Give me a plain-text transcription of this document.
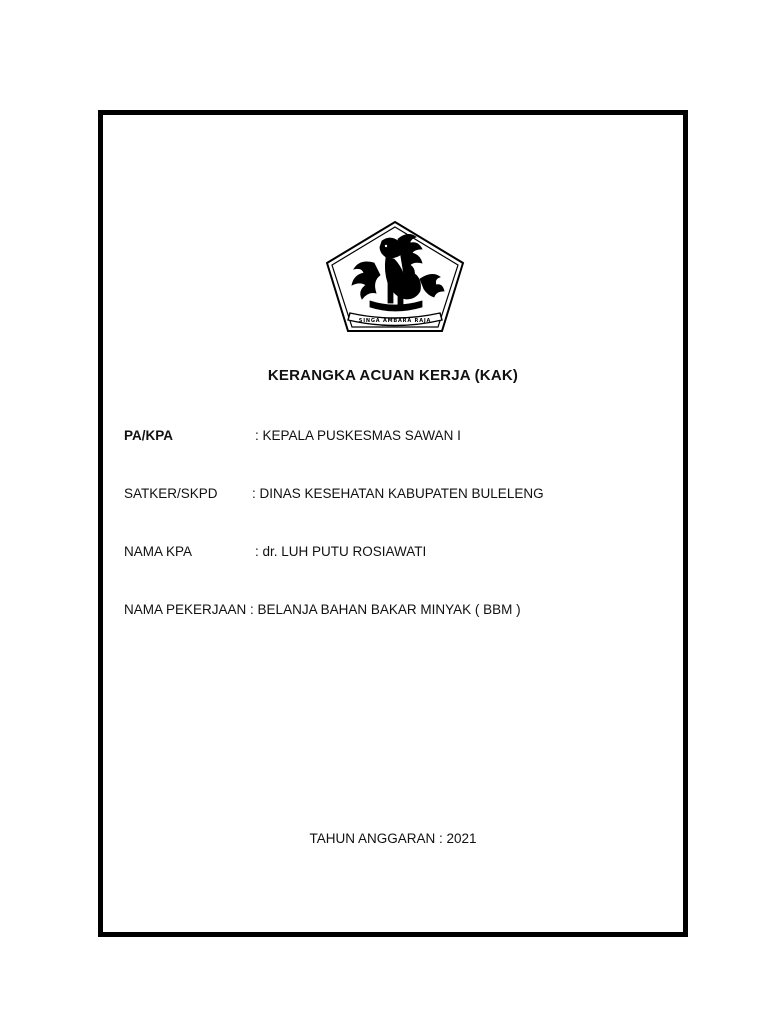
SINGA AMBARA RAJA
KERANGKA ACUAN KERJA (KAK)
PA/KPA	: KEPALA PUSKESMAS SAWAN I
SATKER/SKPD	: DINAS KESEHATAN KABUPATEN BULELENG
NAMA KPA	: dr. LUH PUTU ROSIAWATI
NAMA PEKERJAAN : BELANJA BAHAN BAKAR MINYAK ( BBM )
TAHUN ANGGARAN : 2021
